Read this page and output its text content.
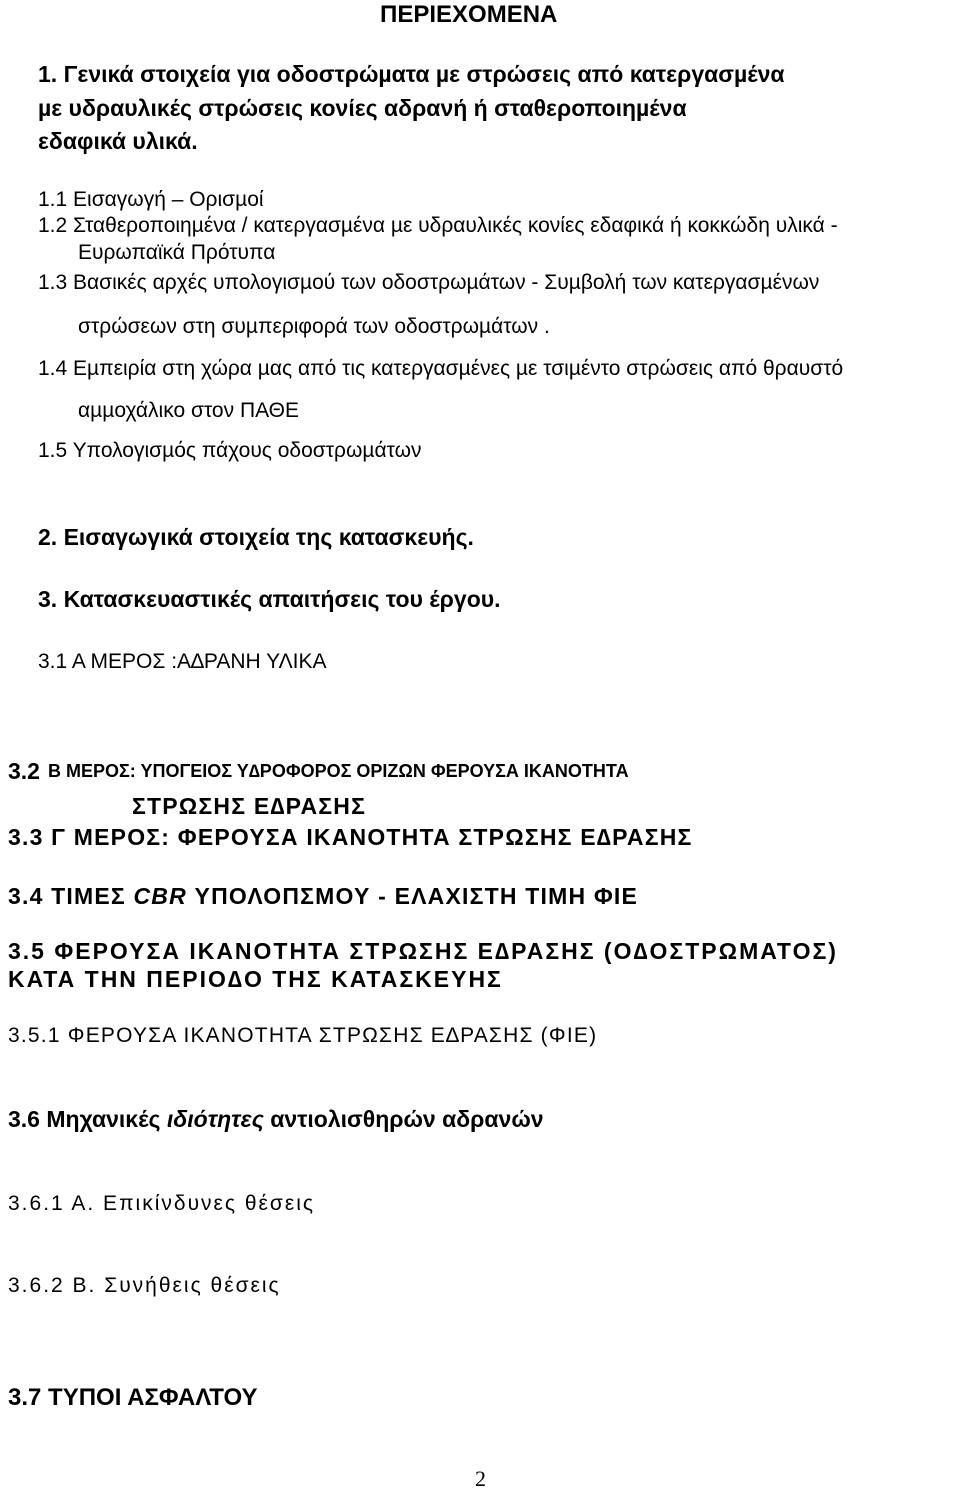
ΠΕΡΙΕΧΟΜΕΝΑ
1. Γενικά στοιχεία για οδοστρώµατα µε στρώσεις από κατεργασµένα
µε υδραυλικές στρώσεις κονίες αδρανή ή σταθεροποιηµένα
εδαφικά υλικά.
1.1 Εισαγωγή – Ορισµοί
1.2 Σταθεροποιηµένα / κατεργασµένα µε υδραυλικές κονίες εδαφικά ή κοκκώδη υλικά -
Ευρωπαϊκά Πρότυπα
1.3 Βασικές αρχές υπολογισµού των οδοστρωµάτων - Συµβολή των κατεργασµένων
στρώσεων στη συµπεριφορά των οδοστρωµάτων .
1.4 Εµπειρία στη χώρα µας από τις κατεργασµένες µε τσιµέντο στρώσεις από θραυστό
αµµοχάλικο στον ΠΑΘΕ
1.5 Υπολογισµός πάχους οδοστρωµάτων
2. Εισαγωγικά στοιχεία της κατασκευής.
3. Κατασκευαστικές απαιτήσεις του έργου.
3.1 Α ΜΕΡΟΣ :Α∆ΡΑΝΗ ΥΛΙΚΑ
3.2 Β ΜΕΡΟΣ: ΥΠΟΓΕΙΟΣ Υ∆ΡΟΦΟΡΟΣ ΟΡΙΖΩΝ ΦΕΡΟΥΣΑ ΙΚΑΝΟΤΗΤΑ
ΣΤΡΩΣΗΣ Ε∆ΡΑΣΗΣ
3.3 Γ ΜΕΡΟΣ: ΦΕΡΟΥΣΑ ΙΚΑΝΟΤΗΤΑ ΣΤΡΩΣΗΣ Ε∆ΡΑΣΗΣ
3.4 ΤΙΜΕΣ CBR ΥΠΟΛΟΠΣΜΟΥ - ΕΛΑΧΙΣΤΗ ΤΙΜΗ ΦΙΕ
3.5 ΦΕΡΟΥΣΑ ΙΚΑΝΟΤΗΤΑ ΣΤΡΩΣΗΣ Ε∆ΡΑΣΗΣ (Ο∆ΟΣΤΡΩΜΑΤΟΣ)
ΚΑΤΑ ΤΗΝ ΠΕΡΙΟ∆Ο ΤΗΣ ΚΑΤΑΣΚΕΥΗΣ
3.5.1 ΦΕΡΟΥΣΑ ΙΚΑΝΟΤΗΤΑ ΣΤΡΩΣΗΣ Ε∆ΡΑΣΗΣ (ΦΙΕ)
3.6 Μηχανικές ιδιότητες αντιολισθηρών αδρανών
3.6.1 Α. Επικίνδυνες θέσεις
3.6.2 Β. Συνήθεις θέσεις
3.7 ΤΥΠΟΙ ΑΣΦΑΛΤΟΥ
2
